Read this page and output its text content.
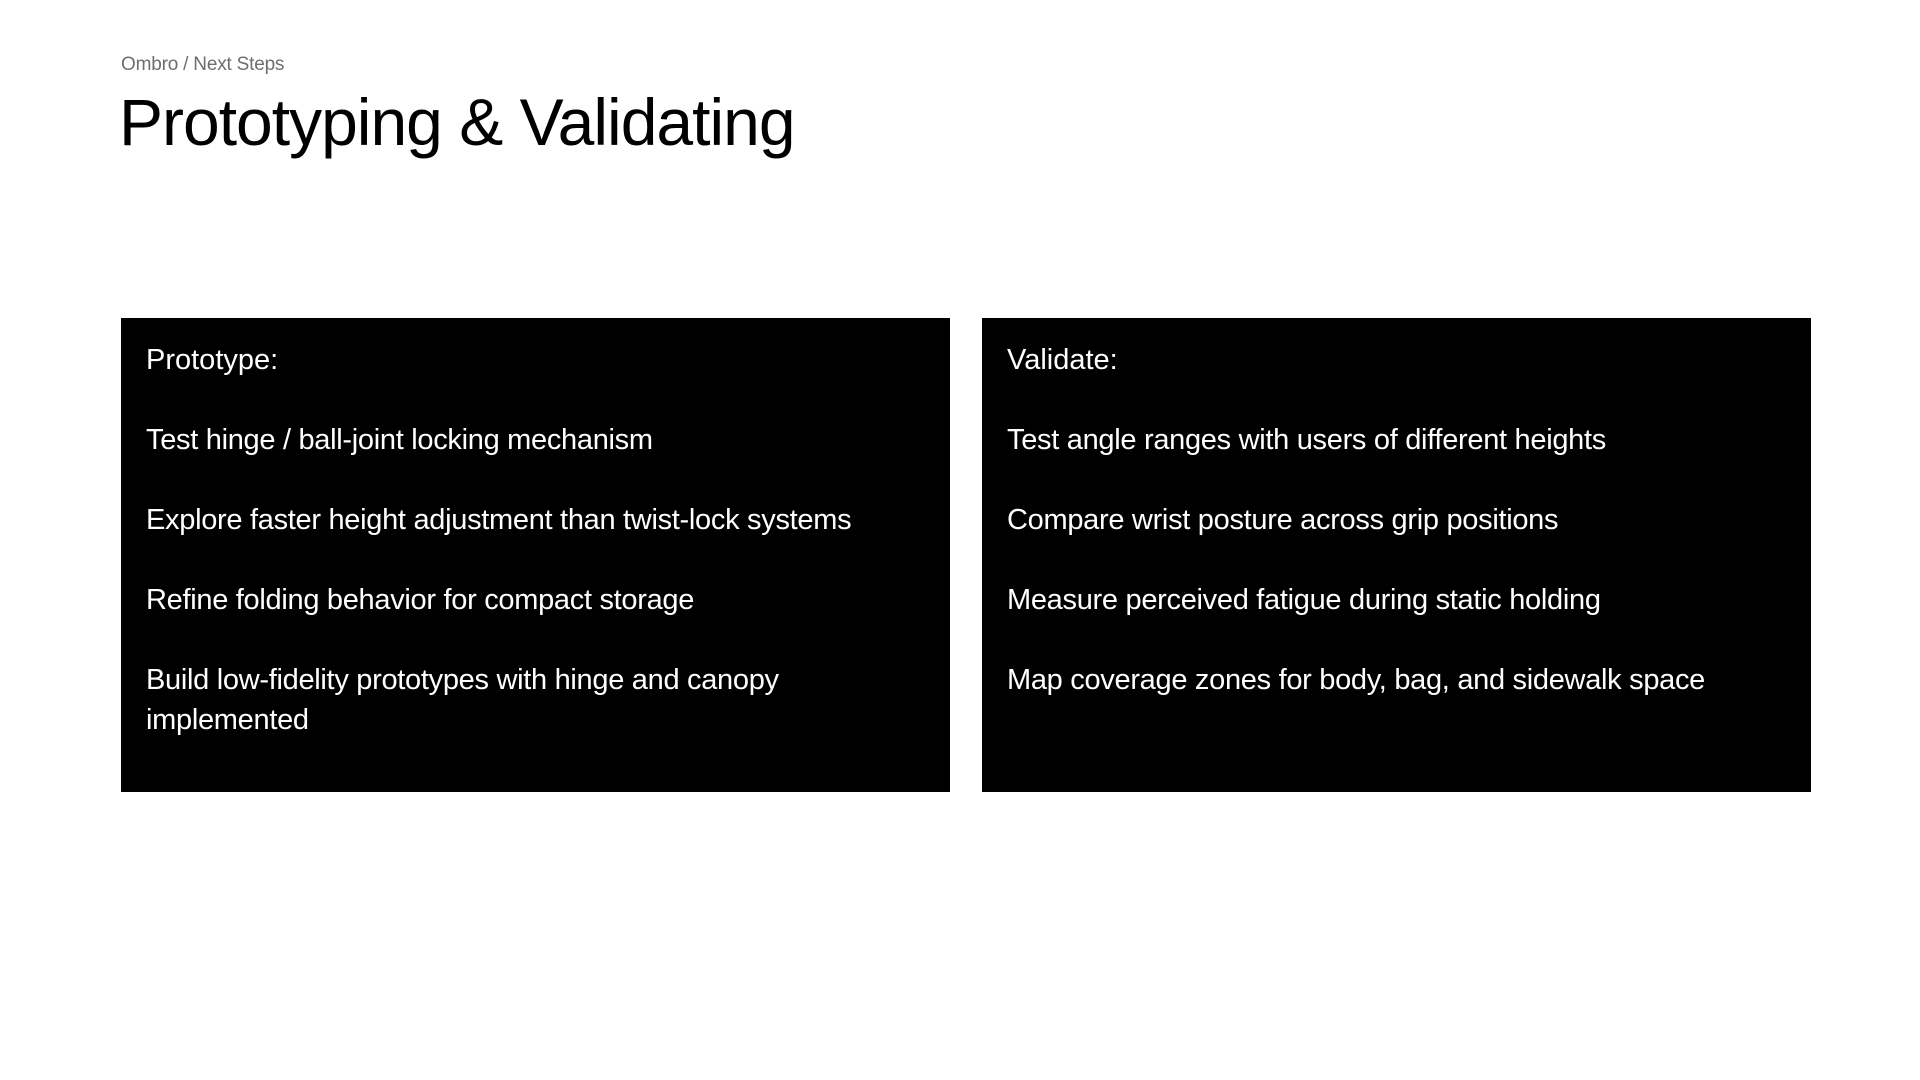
Ombro / Next Steps
Prototyping & Validating
Prototype:
Test hinge / ball-joint locking mechanism
Explore faster height adjustment than twist-lock systems
Refine folding behavior for compact storage
Build low-fidelity prototypes with hinge and canopy implemented
Validate:
Test angle ranges with users of different heights
Compare wrist posture across grip positions
Measure perceived fatigue during static holding
Map coverage zones for body, bag, and sidewalk space
